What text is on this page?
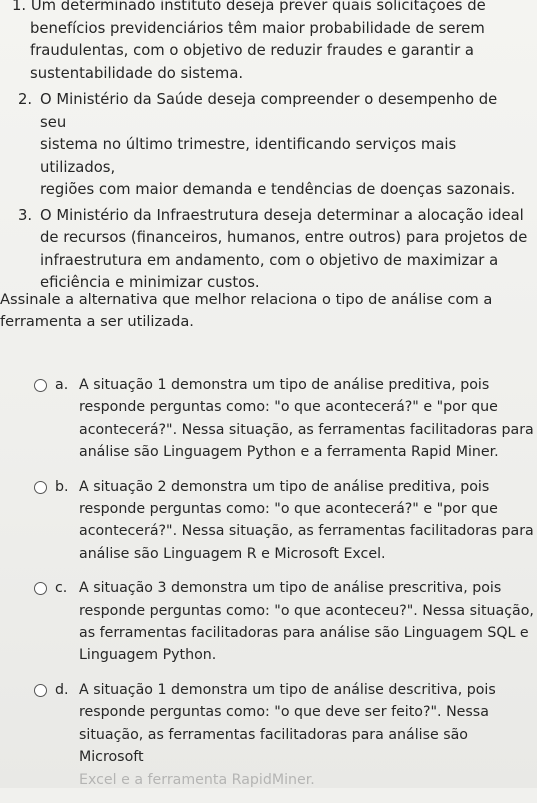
1. Um determinado instituto deseja prever quais solicitações de
benefícios previdenciários têm maior probabilidade de serem
fraudulentas, com o objetivo de reduzir fraudes e garantir a
sustentabilidade do sistema.
2. O Ministério da Saúde deseja compreender o desempenho de seu
sistema no último trimestre, identificando serviços mais utilizados,
regiões com maior demanda e tendências de doenças sazonais.
3. O Ministério da Infraestrutura deseja determinar a alocação ideal
de recursos (financeiros, humanos, entre outros) para projetos de
infraestrutura em andamento, com o objetivo de maximizar a
eficiência e minimizar custos.
Assinale a alternativa que melhor relaciona o tipo de análise com a
ferramenta a ser utilizada.
a. A situação 1 demonstra um tipo de análise preditiva, pois
responde perguntas como: "o que acontecerá?" e "por que
acontecerá?". Nessa situação, as ferramentas facilitadoras para
análise são Linguagem Python e a ferramenta Rapid Miner.
b. A situação 2 demonstra um tipo de análise preditiva, pois
responde perguntas como: "o que acontecerá?" e "por que
acontecerá?". Nessa situação, as ferramentas facilitadoras para
análise são Linguagem R e Microsoft Excel.
c. A situação 3 demonstra um tipo de análise prescritiva, pois
responde perguntas como: "o que aconteceu?". Nessa situação,
as ferramentas facilitadoras para análise são Linguagem SQL e
Linguagem Python.
d. A situação 1 demonstra um tipo de análise descritiva, pois
responde perguntas como: "o que deve ser feito?". Nessa
situação, as ferramentas facilitadoras para análise são Microsoft
Excel e a ferramenta RapidMiner.
